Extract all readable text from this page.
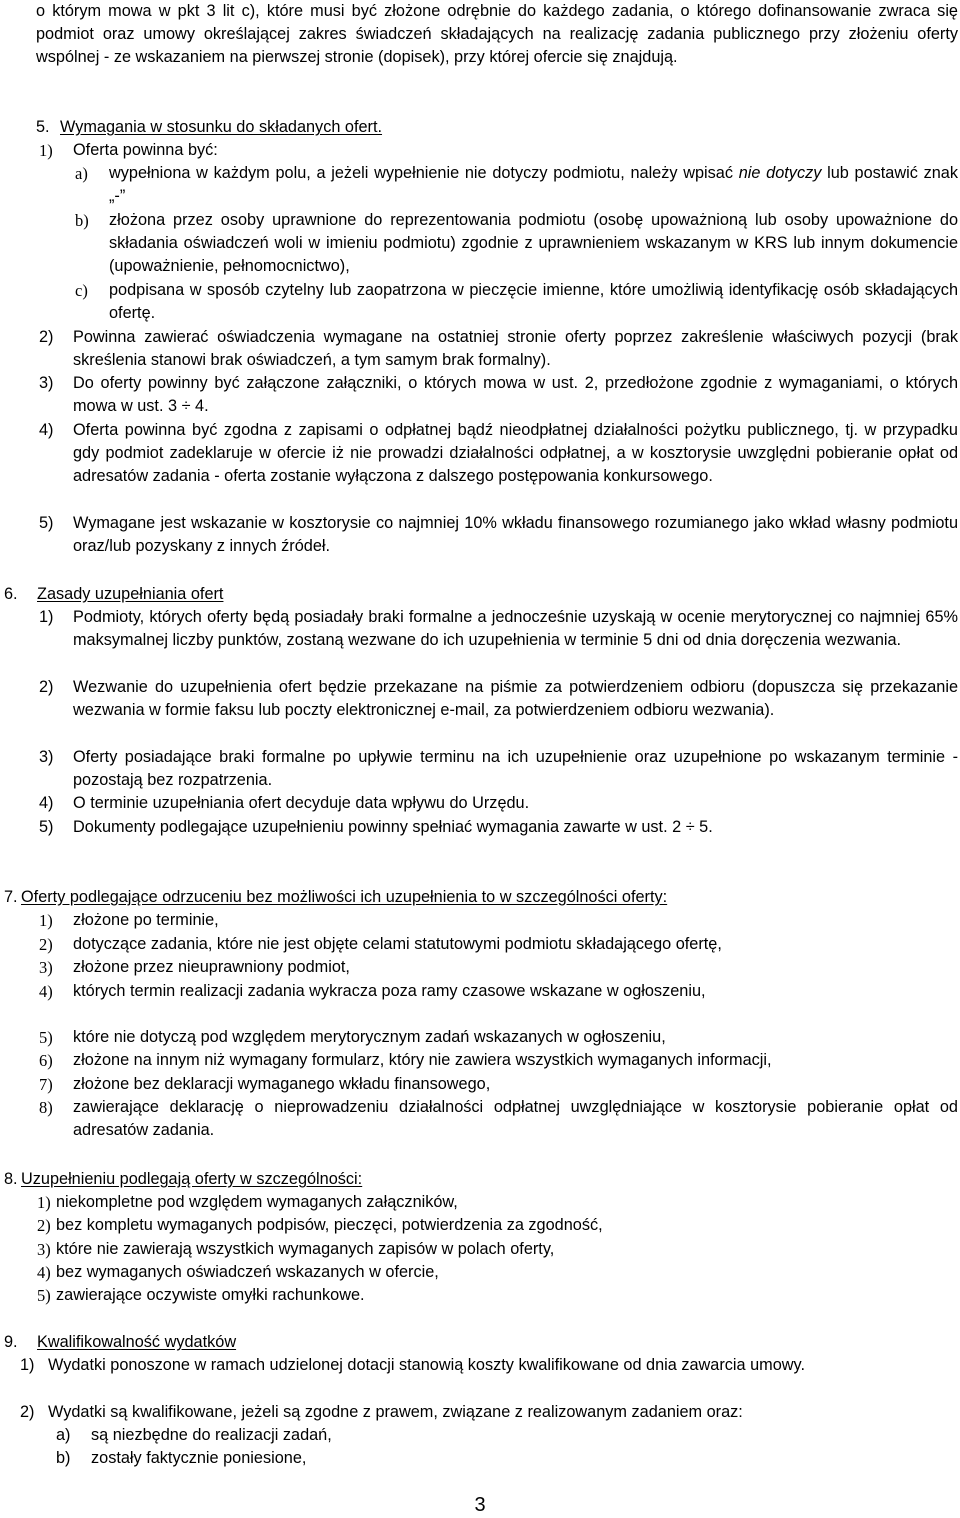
o którym mowa w pkt 3 lit c), które musi być złożone odrębnie do każdego zadania, o którego dofinansowanie zwraca się podmiot oraz umowy określającej zakres świadczeń składających na realizację zadania publicznego przy złożeniu oferty wspólnej - ze wskazaniem na pierwszej stronie (dopisek), przy której ofercie się znajdują.

5. Wymagania w stosunku do składanych ofert.
1) Oferta powinna być:
a) wypełniona w każdym polu, a jeżeli wypełnienie nie dotyczy podmiotu, należy wpisać nie dotyczy lub postawić znak „-”
b) złożona przez osoby uprawnione do reprezentowania podmiotu (osobę upoważnioną lub osoby upoważnione do składania oświadczeń woli w imieniu podmiotu) zgodnie z uprawnieniem wskazanym w KRS lub innym dokumencie (upoważnienie, pełnomocnictwo),
c) podpisana w sposób czytelny lub zaopatrzona w pieczęcie imienne, które umożliwią identyfikację osób składających ofertę.
2) Powinna zawierać oświadczenia wymagane na ostatniej stronie oferty poprzez zakreślenie właściwych pozycji (brak skreślenia stanowi brak oświadczeń, a tym samym brak formalny).
3) Do oferty powinny być załączone załączniki, o których mowa w ust. 2, przedłożone zgodnie z wymaganiami, o których mowa w ust. 3 ÷ 4.
4) Oferta powinna być zgodna z zapisami o odpłatnej bądź nieodpłatnej działalności pożytku publicznego, tj. w przypadku gdy podmiot zadeklaruje w ofercie iż nie prowadzi działalności odpłatnej, a w kosztorysie uwzględni pobieranie opłat od adresatów zadania - oferta zostanie wyłączona z dalszego postępowania konkursowego.
5) Wymagane jest wskazanie w kosztorysie co najmniej 10% wkładu finansowego rozumianego jako wkład własny podmiotu oraz/lub pozyskany z innych źródeł.
6. Zasady uzupełniania ofert
1) Podmioty, których oferty będą posiadały braki formalne a jednocześnie uzyskają w ocenie merytorycznej co najmniej 65% maksymalnej liczby punktów, zostaną wezwane do ich uzupełnienia w terminie 5 dni od dnia doręczenia wezwania.
2) Wezwanie do uzupełnienia ofert będzie przekazane na piśmie za potwierdzeniem odbioru (dopuszcza się przekazanie wezwania w formie faksu lub poczty elektronicznej e-mail, za potwierdzeniem odbioru wezwania).
3) Oferty posiadające braki formalne po upływie terminu na ich uzupełnienie oraz uzupełnione po wskazanym terminie - pozostają bez rozpatrzenia.
4) O terminie uzupełniania ofert decyduje data wpływu do Urzędu.
5) Dokumenty podlegające uzupełnieniu powinny spełniać wymagania zawarte w ust. 2 ÷ 5.
7. Oferty podlegające odrzuceniu bez możliwości ich uzupełnienia to w szczególności oferty:
1) złożone po terminie,
2) dotyczące zadania, które nie jest objęte celami statutowymi podmiotu składającego ofertę,
3) złożone przez nieuprawniony podmiot,
4) których termin realizacji zadania wykracza poza ramy czasowe wskazane w ogłoszeniu,
5) które nie dotyczą pod względem merytorycznym zadań wskazanych w ogłoszeniu,
6) złożone na innym niż wymagany formularz, który nie zawiera wszystkich wymaganych informacji,
7) złożone bez deklaracji wymaganego wkładu finansowego,
8) zawierające deklarację o nieprowadzeniu działalności odpłatnej uwzględniające w kosztorysie pobieranie opłat od adresatów zadania.
8. Uzupełnieniu podlegają oferty w szczególności:
1) niekompletne pod względem wymaganych załączników,
2) bez kompletu wymaganych podpisów, pieczęci, potwierdzenia za zgodność,
3) które nie zawierają wszystkich wymaganych zapisów w polach oferty,
4) bez wymaganych oświadczeń wskazanych w ofercie,
5) zawierające oczywiste omyłki rachunkowe.
9. Kwalifikowalność wydatków
1) Wydatki ponoszone w ramach udzielonej dotacji stanowią koszty kwalifikowane od dnia zawarcia umowy.
2) Wydatki są kwalifikowane, jeżeli są zgodne z prawem, związane z realizowanym zadaniem oraz:
a) są niezbędne do realizacji zadań,
b) zostały faktycznie poniesione,
3
